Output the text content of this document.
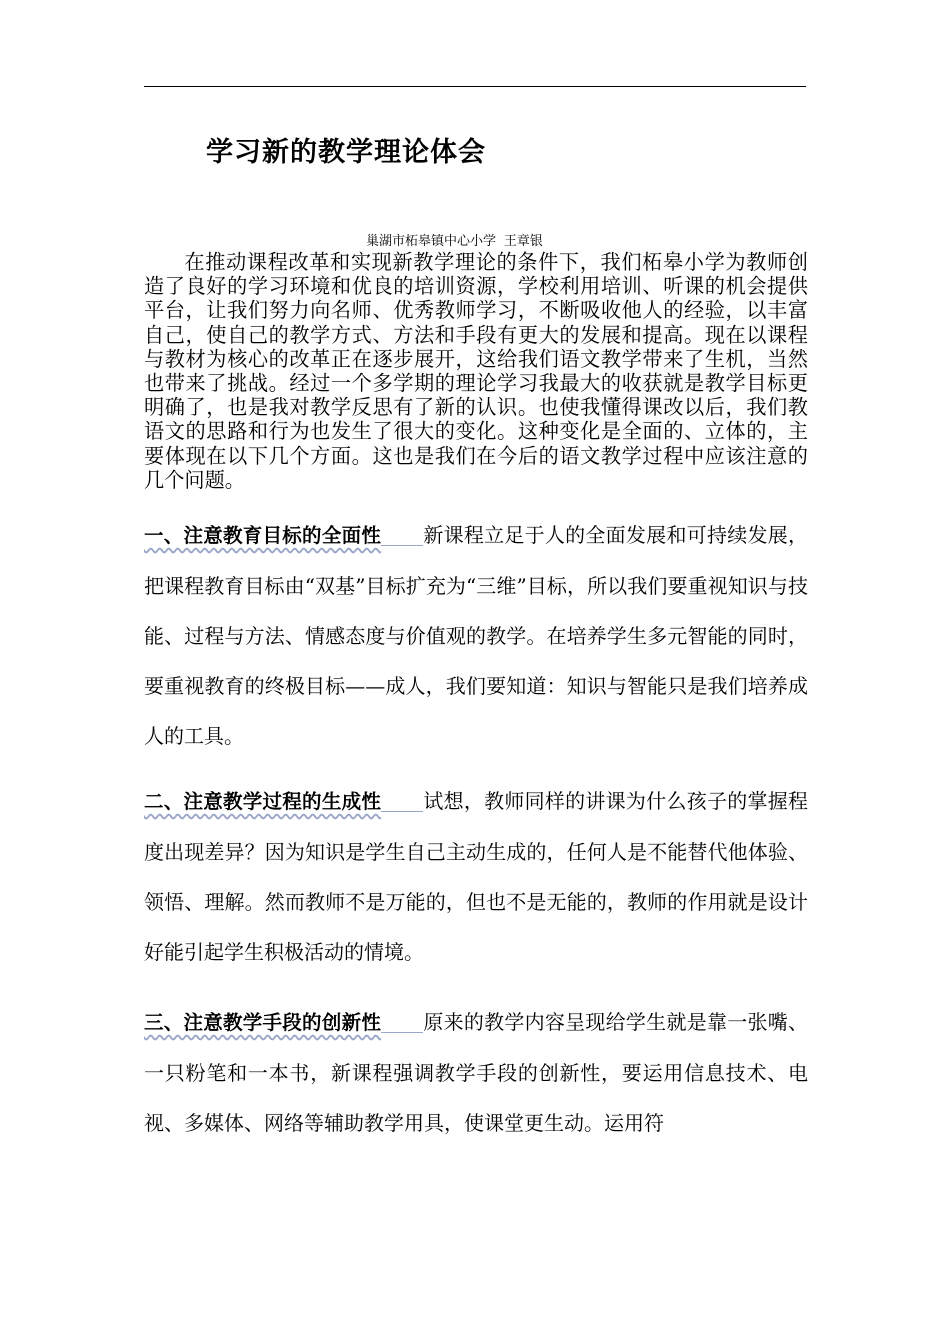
学习新的教学理论体会
巢湖市柘皋镇中心小学 王章银

在推动课程改革和实现新教学理论的条件下，我们柘皋小学为教师创造了良好的学习环境和优良的培训资源，学校利用培训、听课的机会提供平台，让我们努力向名师、优秀教师学习，不断吸收他人的经验，以丰富自己，使自己的教学方式、方法和手段有更大的发展和提高。现在以课程与教材为核心的改革正在逐步展开，这给我们语文教学带来了生机，当然也带来了挑战。经过一个多学期的理论学习我最大的收获就是教学目标更明确了，也是我对教学反思有了新的认识。也使我懂得课改以后，我们教语文的思路和行为也发生了很大的变化。这种变化是全面的、立体的，主要体现在以下几个方面。这也是我们在今后的语文教学过程中应该注意的几个问题。

一、注意教育目标的全面性 新课程立足于人的全面发展和可持续发展，把课程教育目标由“双基”目标扩充为“三维”目标，所以我们要重视知识与技能、过程与方法、情感态度与价值观的教学。在培养学生多元智能的同时，要重视教育的终极目标——成人，我们要知道：知识与智能只是我们培养成人的工具。

二、注意教学过程的生成性 试想，教师同样的讲课为什么孩子的掌握程度出现差异？因为知识是学生自己主动生成的，任何人是不能替代他体验、领悟、理解。然而教师不是万能的，但也不是无能的，教师的作用就是设计好能引起学生积极活动的情境。

三、注意教学手段的创新性 原来的教学内容呈现给学生就是靠一张嘴、一只粉笔和一本书，新课程强调教学手段的创新性，要运用信息技术、电视、多媒体、网络等辅助教学用具，使课堂更生动。运用符
